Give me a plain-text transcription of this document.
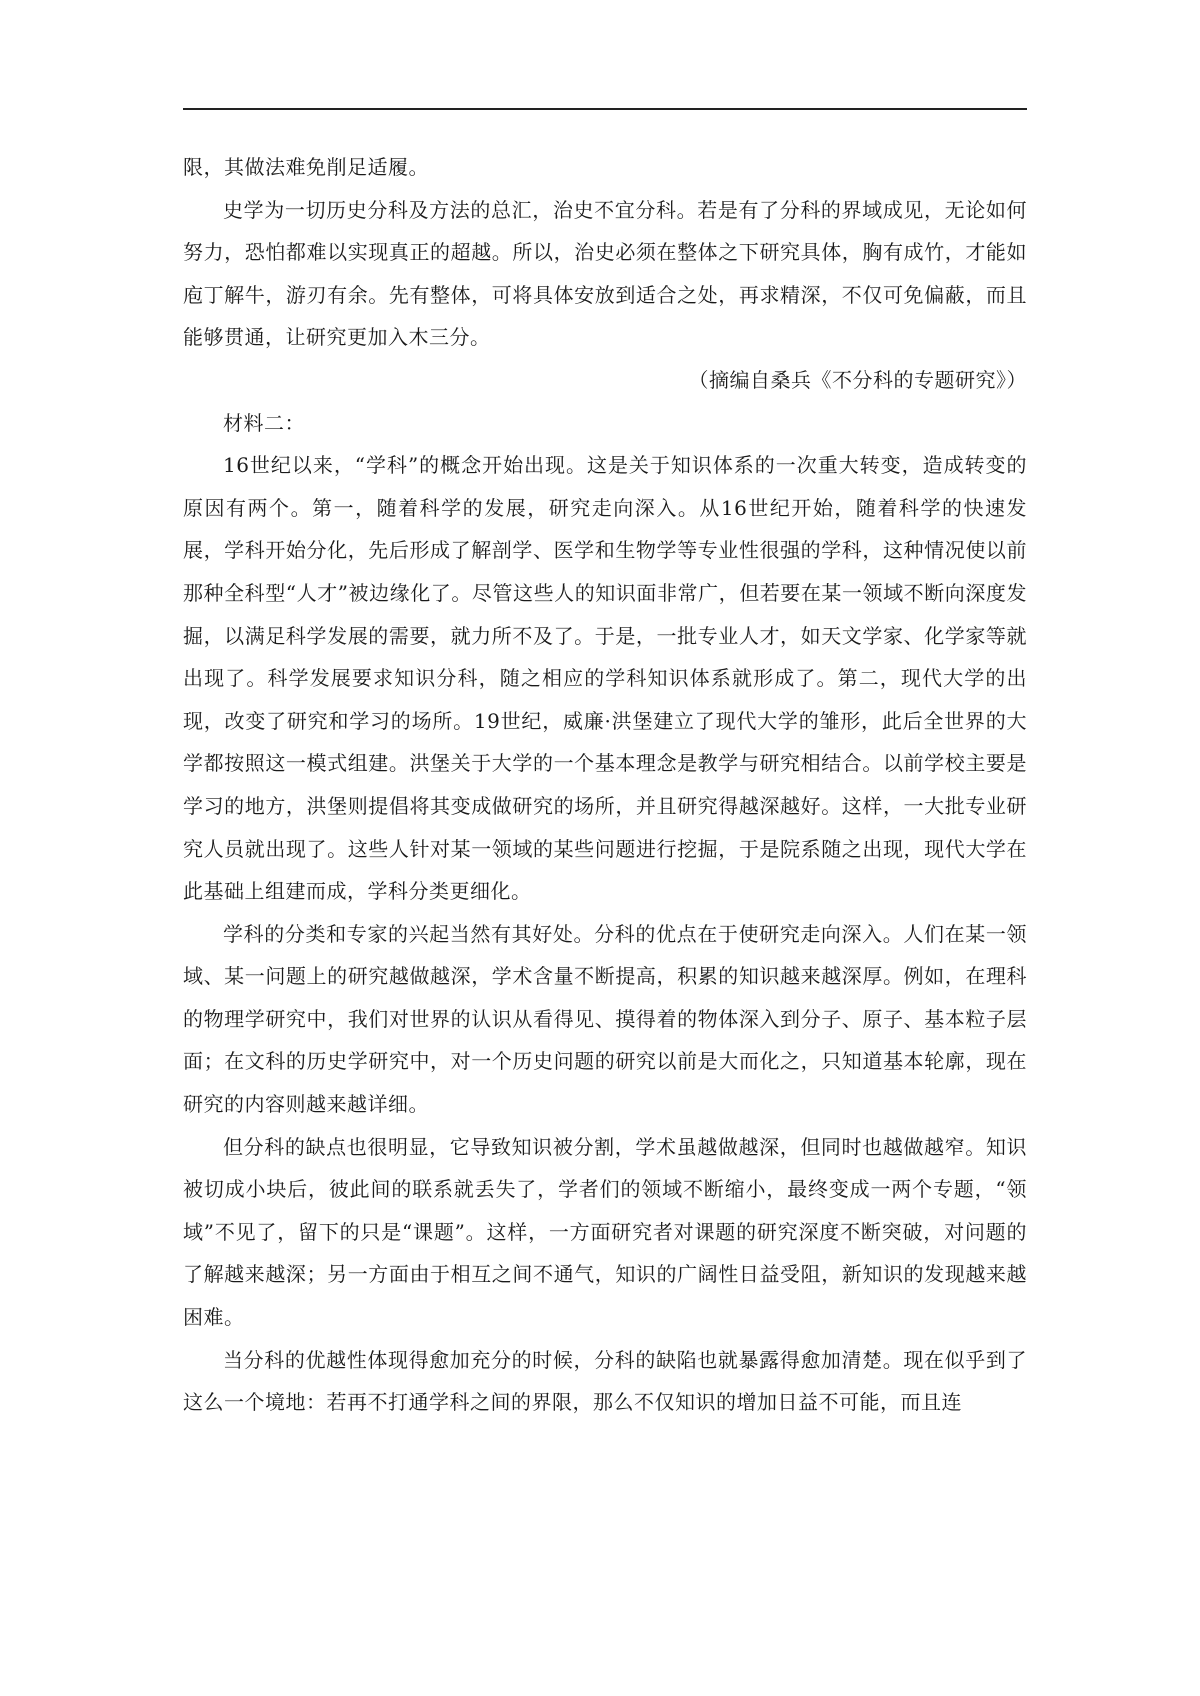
限，其做法难免削足适履。

史学为一切历史分科及方法的总汇，治史不宜分科。若是有了分科的界域成见，无论如何努力，恐怕都难以实现真正的超越。所以，治史必须在整体之下研究具体，胸有成竹，才能如庖丁解牛，游刃有余。先有整体，可将具体安放到适合之处，再求精深，不仅可免偏蔽，而且能够贯通，让研究更加入木三分。

（摘编自桑兵《不分科的专题研究》）

材料二：

16世纪以来，“学科”的概念开始出现。这是关于知识体系的一次重大转变，造成转变的原因有两个。第一，随着科学的发展，研究走向深入。从16世纪开始，随着科学的快速发展，学科开始分化，先后形成了解剖学、医学和生物学等专业性很强的学科，这种情况使以前那种全科型“人才”被边缘化了。尽管这些人的知识面非常广，但若要在某一领域不断向深度发掘，以满足科学发展的需要，就力所不及了。于是，一批专业人才，如天文学家、化学家等就出现了。科学发展要求知识分科，随之相应的学科知识体系就形成了。第二，现代大学的出现，改变了研究和学习的场所。19世纪，威廉·洪堡建立了现代大学的雏形，此后全世界的大学都按照这一模式组建。洪堡关于大学的一个基本理念是教学与研究相结合。以前学校主要是学习的地方，洪堡则提倡将其变成做研究的场所，并且研究得越深越好。这样，一大批专业研究人员就出现了。这些人针对某一领域的某些问题进行挖掘，于是院系随之出现，现代大学在此基础上组建而成，学科分类更细化。

学科的分类和专家的兴起当然有其好处。分科的优点在于使研究走向深入。人们在某一领域、某一问题上的研究越做越深，学术含量不断提高，积累的知识越来越深厚。例如，在理科的物理学研究中，我们对世界的认识从看得见、摸得着的物体深入到分子、原子、基本粒子层面；在文科的历史学研究中，对一个历史问题的研究以前是大而化之，只知道基本轮廓，现在研究的内容则越来越详细。

但分科的缺点也很明显，它导致知识被分割，学术虽越做越深，但同时也越做越窄。知识被切成小块后，彼此间的联系就丢失了，学者们的领域不断缩小，最终变成一两个专题，“领域”不见了，留下的只是“课题”。这样，一方面研究者对课题的研究深度不断突破，对问题的了解越来越深；另一方面由于相互之间不通气，知识的广阔性日益受阻，新知识的发现越来越困难。

当分科的优越性体现得愈加充分的时候，分科的缺陷也就暴露得愈加清楚。现在似乎到了这么一个境地：若再不打通学科之间的界限，那么不仅知识的增加日益不可能，而且连
